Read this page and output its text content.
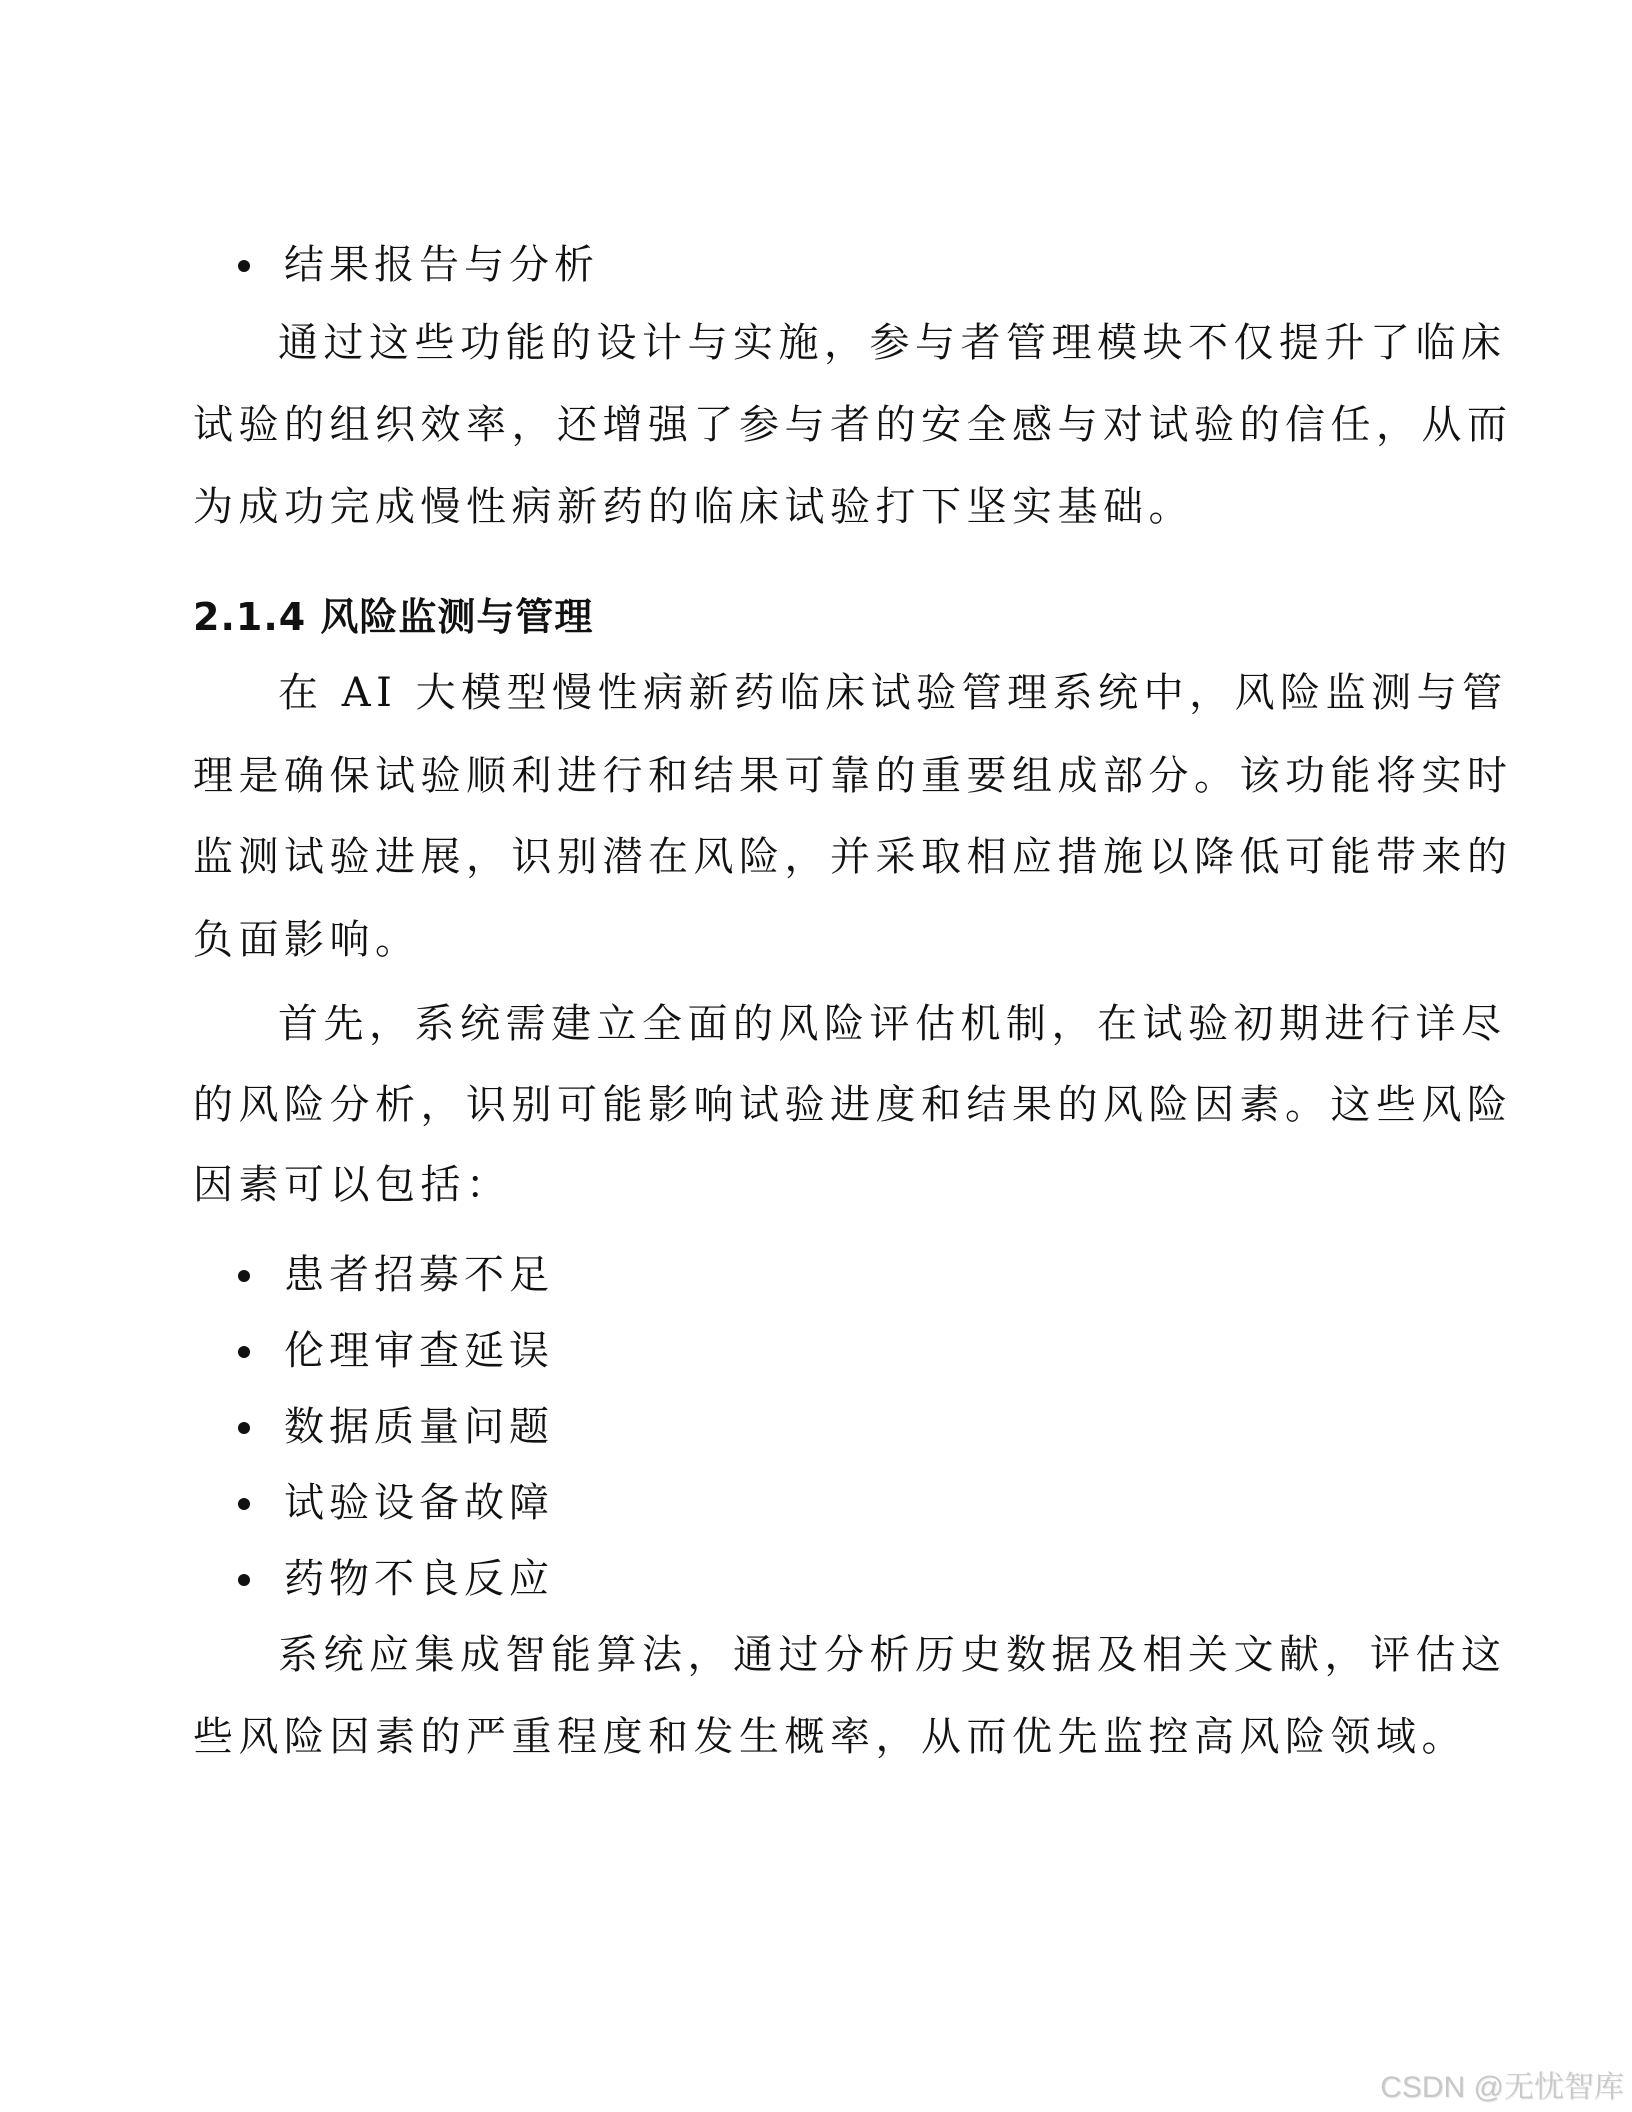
结果报告与分析
通过这些功能的设计与实施，参与者管理模块不仅提升了临床
试验的组织效率，还增强了参与者的安全感与对试验的信任，从而
为成功完成慢性病新药的临床试验打下坚实基础。
2.1.4 风险监测与管理
在 AI 大模型慢性病新药临床试验管理系统中，风险监测与管
理是确保试验顺利进行和结果可靠的重要组成部分。该功能将实时
监测试验进展，识别潜在风险，并采取相应措施以降低可能带来的
负面影响。
首先，系统需建立全面的风险评估机制，在试验初期进行详尽
的风险分析，识别可能影响试验进度和结果的风险因素。这些风险
因素可以包括：
患者招募不足
伦理审查延误
数据质量问题
试验设备故障
药物不良反应
系统应集成智能算法，通过分析历史数据及相关文献，评估这
些风险因素的严重程度和发生概率，从而优先监控高风险领域。
CSDN @无忧智库
